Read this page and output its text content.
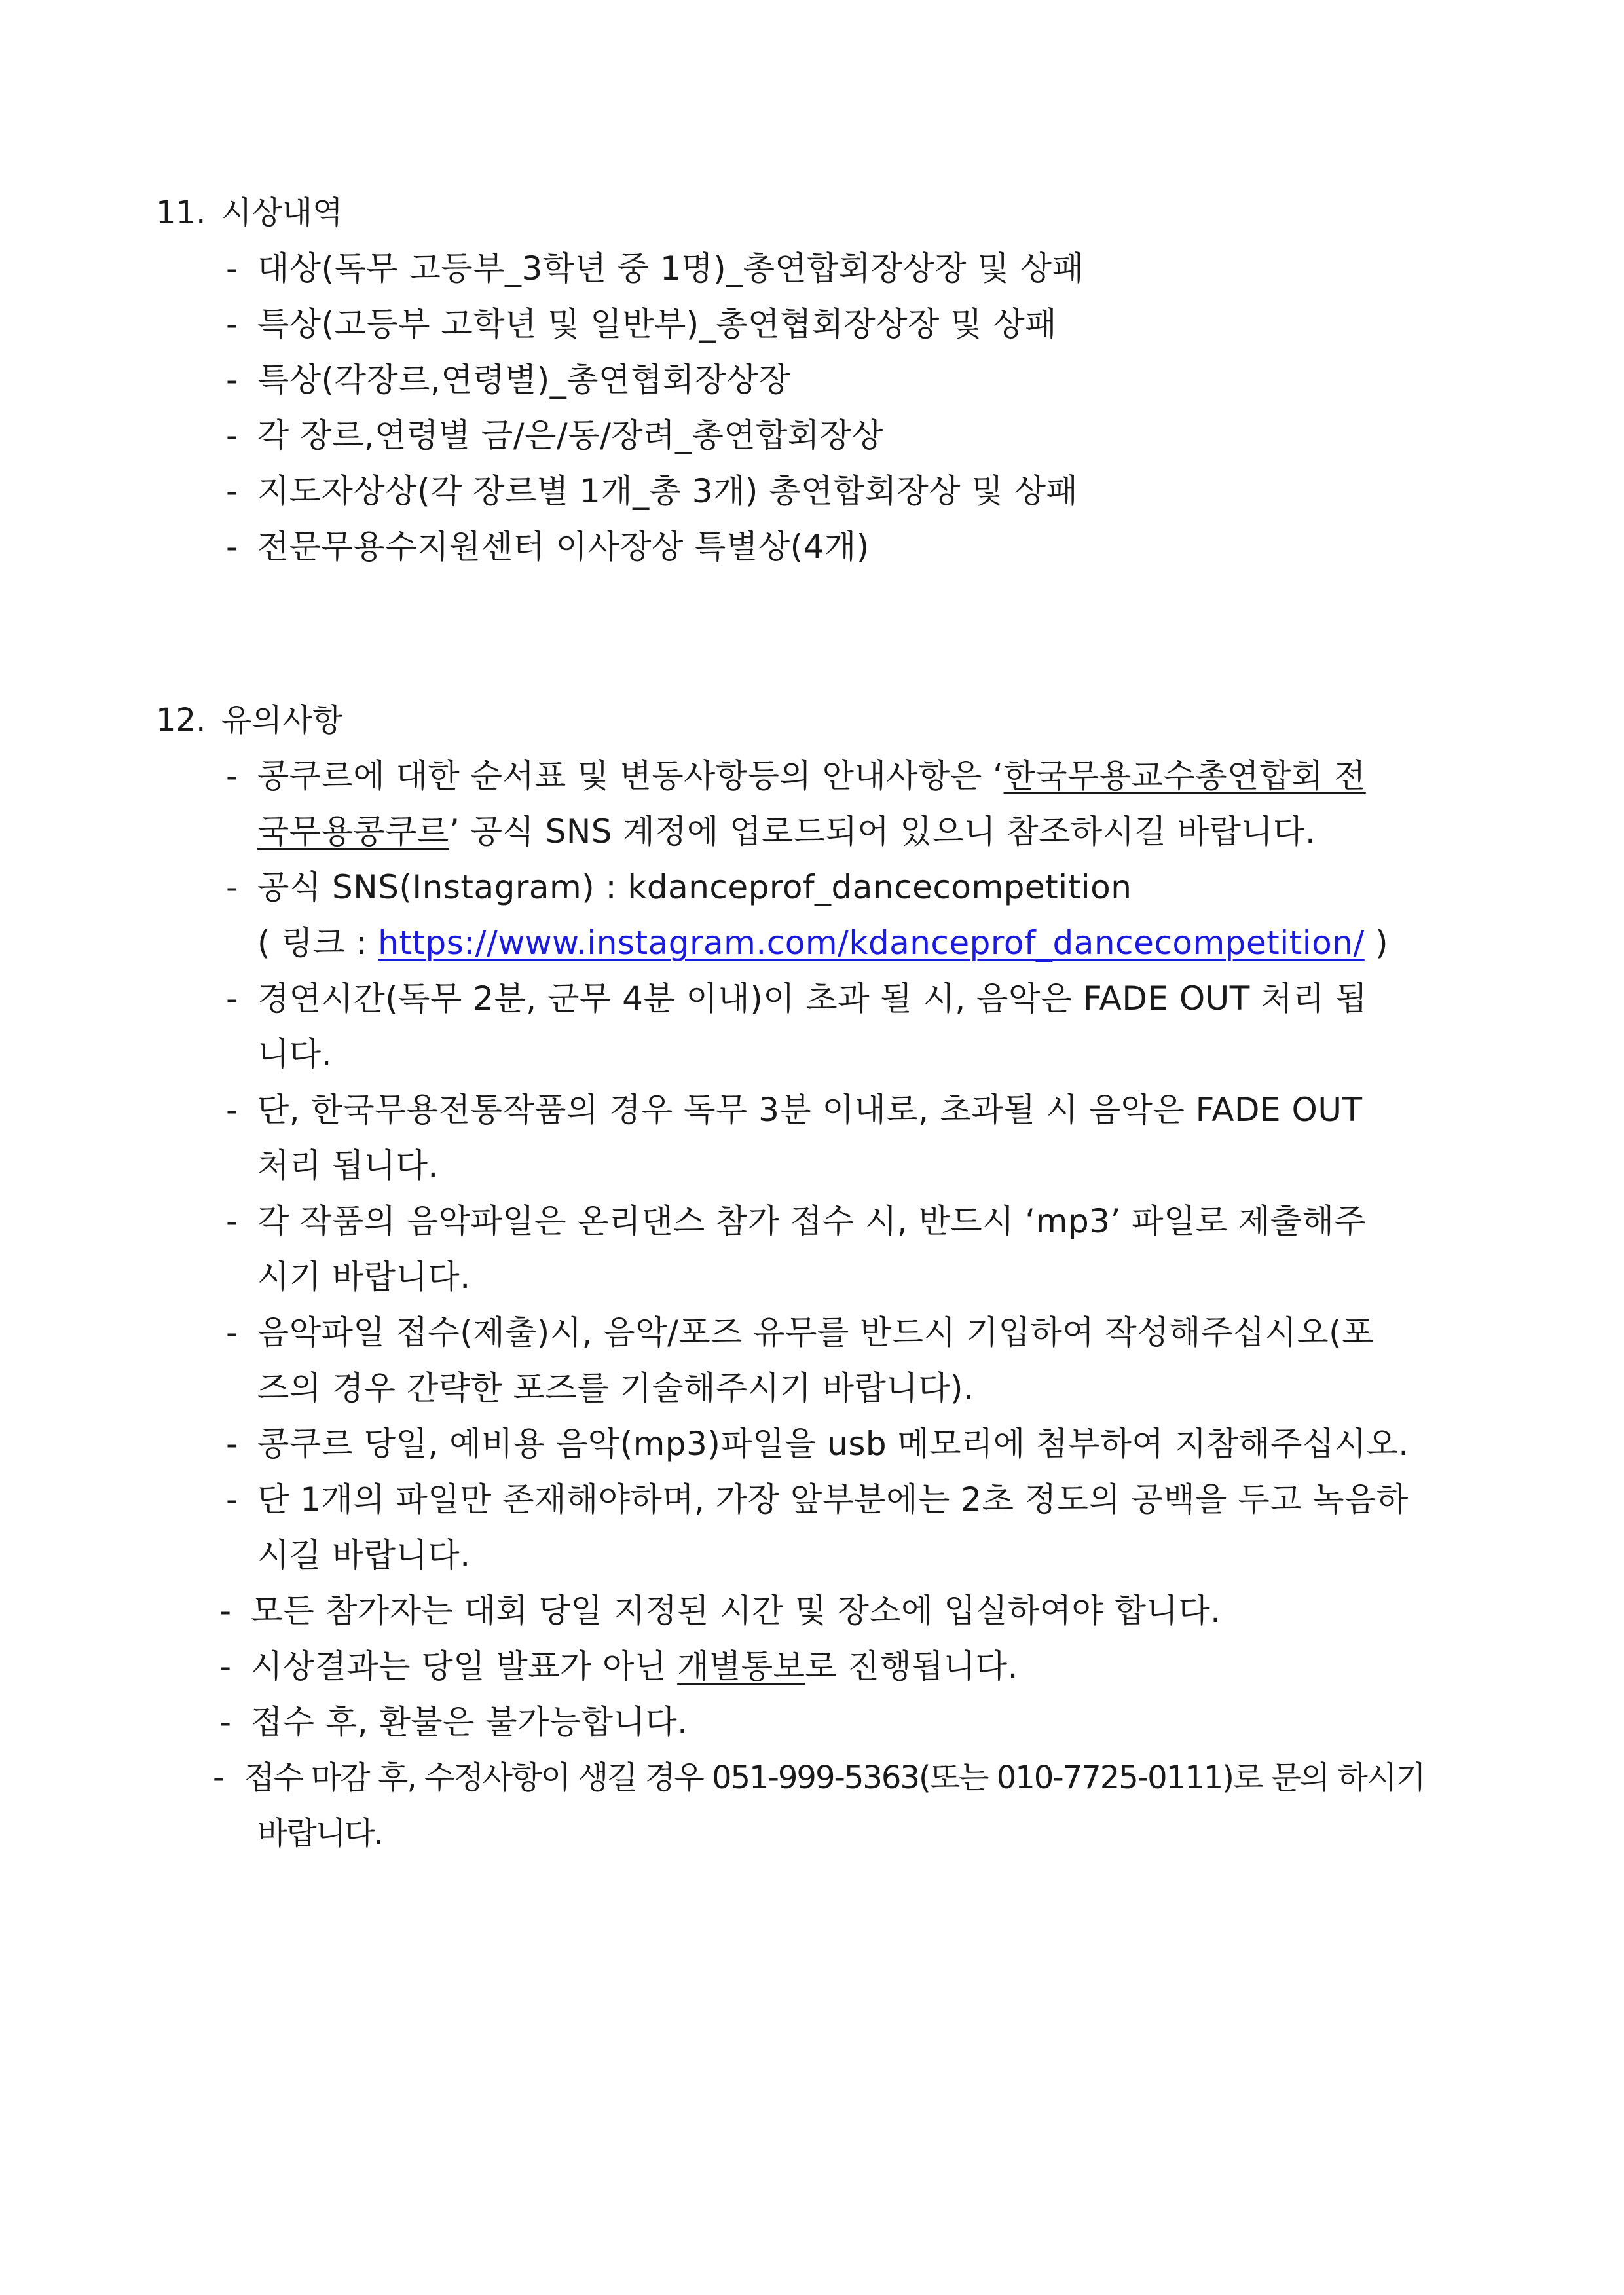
11. 시상내역
- 대상(독무 고등부_3학년 중 1명)_총연합회장상장 및 상패
- 특상(고등부 고학년 및 일반부)_총연협회장상장 및 상패
- 특상(각장르,연령별)_총연협회장상장
- 각 장르,연령별 금/은/동/장려_총연합회장상
- 지도자상상(각 장르별 1개_총 3개) 총연합회장상 및 상패
- 전문무용수지원센터 이사장상 특별상(4개)
12. 유의사항
- 콩쿠르에 대한 순서표 및 변동사항등의 안내사항은 ‘한국무용교수총연합회 전
국무용콩쿠르’ 공식 SNS 계정에 업로드되어 있으니 참조하시길 바랍니다.
- 공식 SNS(Instagram) : kdanceprof_dancecompetition
( 링크 : https://www.instagram.com/kdanceprof_dancecompetition/ )
- 경연시간(독무 2분, 군무 4분 이내)이 초과 될 시, 음악은 FADE OUT 처리 됩
니다.
- 단, 한국무용전통작품의 경우 독무 3분 이내로, 초과될 시 음악은 FADE OUT
처리 됩니다.
- 각 작품의 음악파일은 온리댄스 참가 접수 시, 반드시 ‘mp3’ 파일로 제출해주
시기 바랍니다.
- 음악파일 접수(제출)시, 음악/포즈 유무를 반드시 기입하여 작성해주십시오(포
즈의 경우 간략한 포즈를 기술해주시기 바랍니다).
- 콩쿠르 당일, 예비용 음악(mp3)파일을 usb 메모리에 첨부하여 지참해주십시오.
- 단 1개의 파일만 존재해야하며, 가장 앞부분에는 2초 정도의 공백을 두고 녹음하
시길 바랍니다.
- 모든 참가자는 대회 당일 지정된 시간 및 장소에 입실하여야 합니다.
- 시상결과는 당일 발표가 아닌 개별통보로 진행됩니다.
- 접수 후, 환불은 불가능합니다.
- 접수 마감 후, 수정사항이 생길 경우 051-999-5363(또는 010-7725-0111)로 문의 하시기
바랍니다.
